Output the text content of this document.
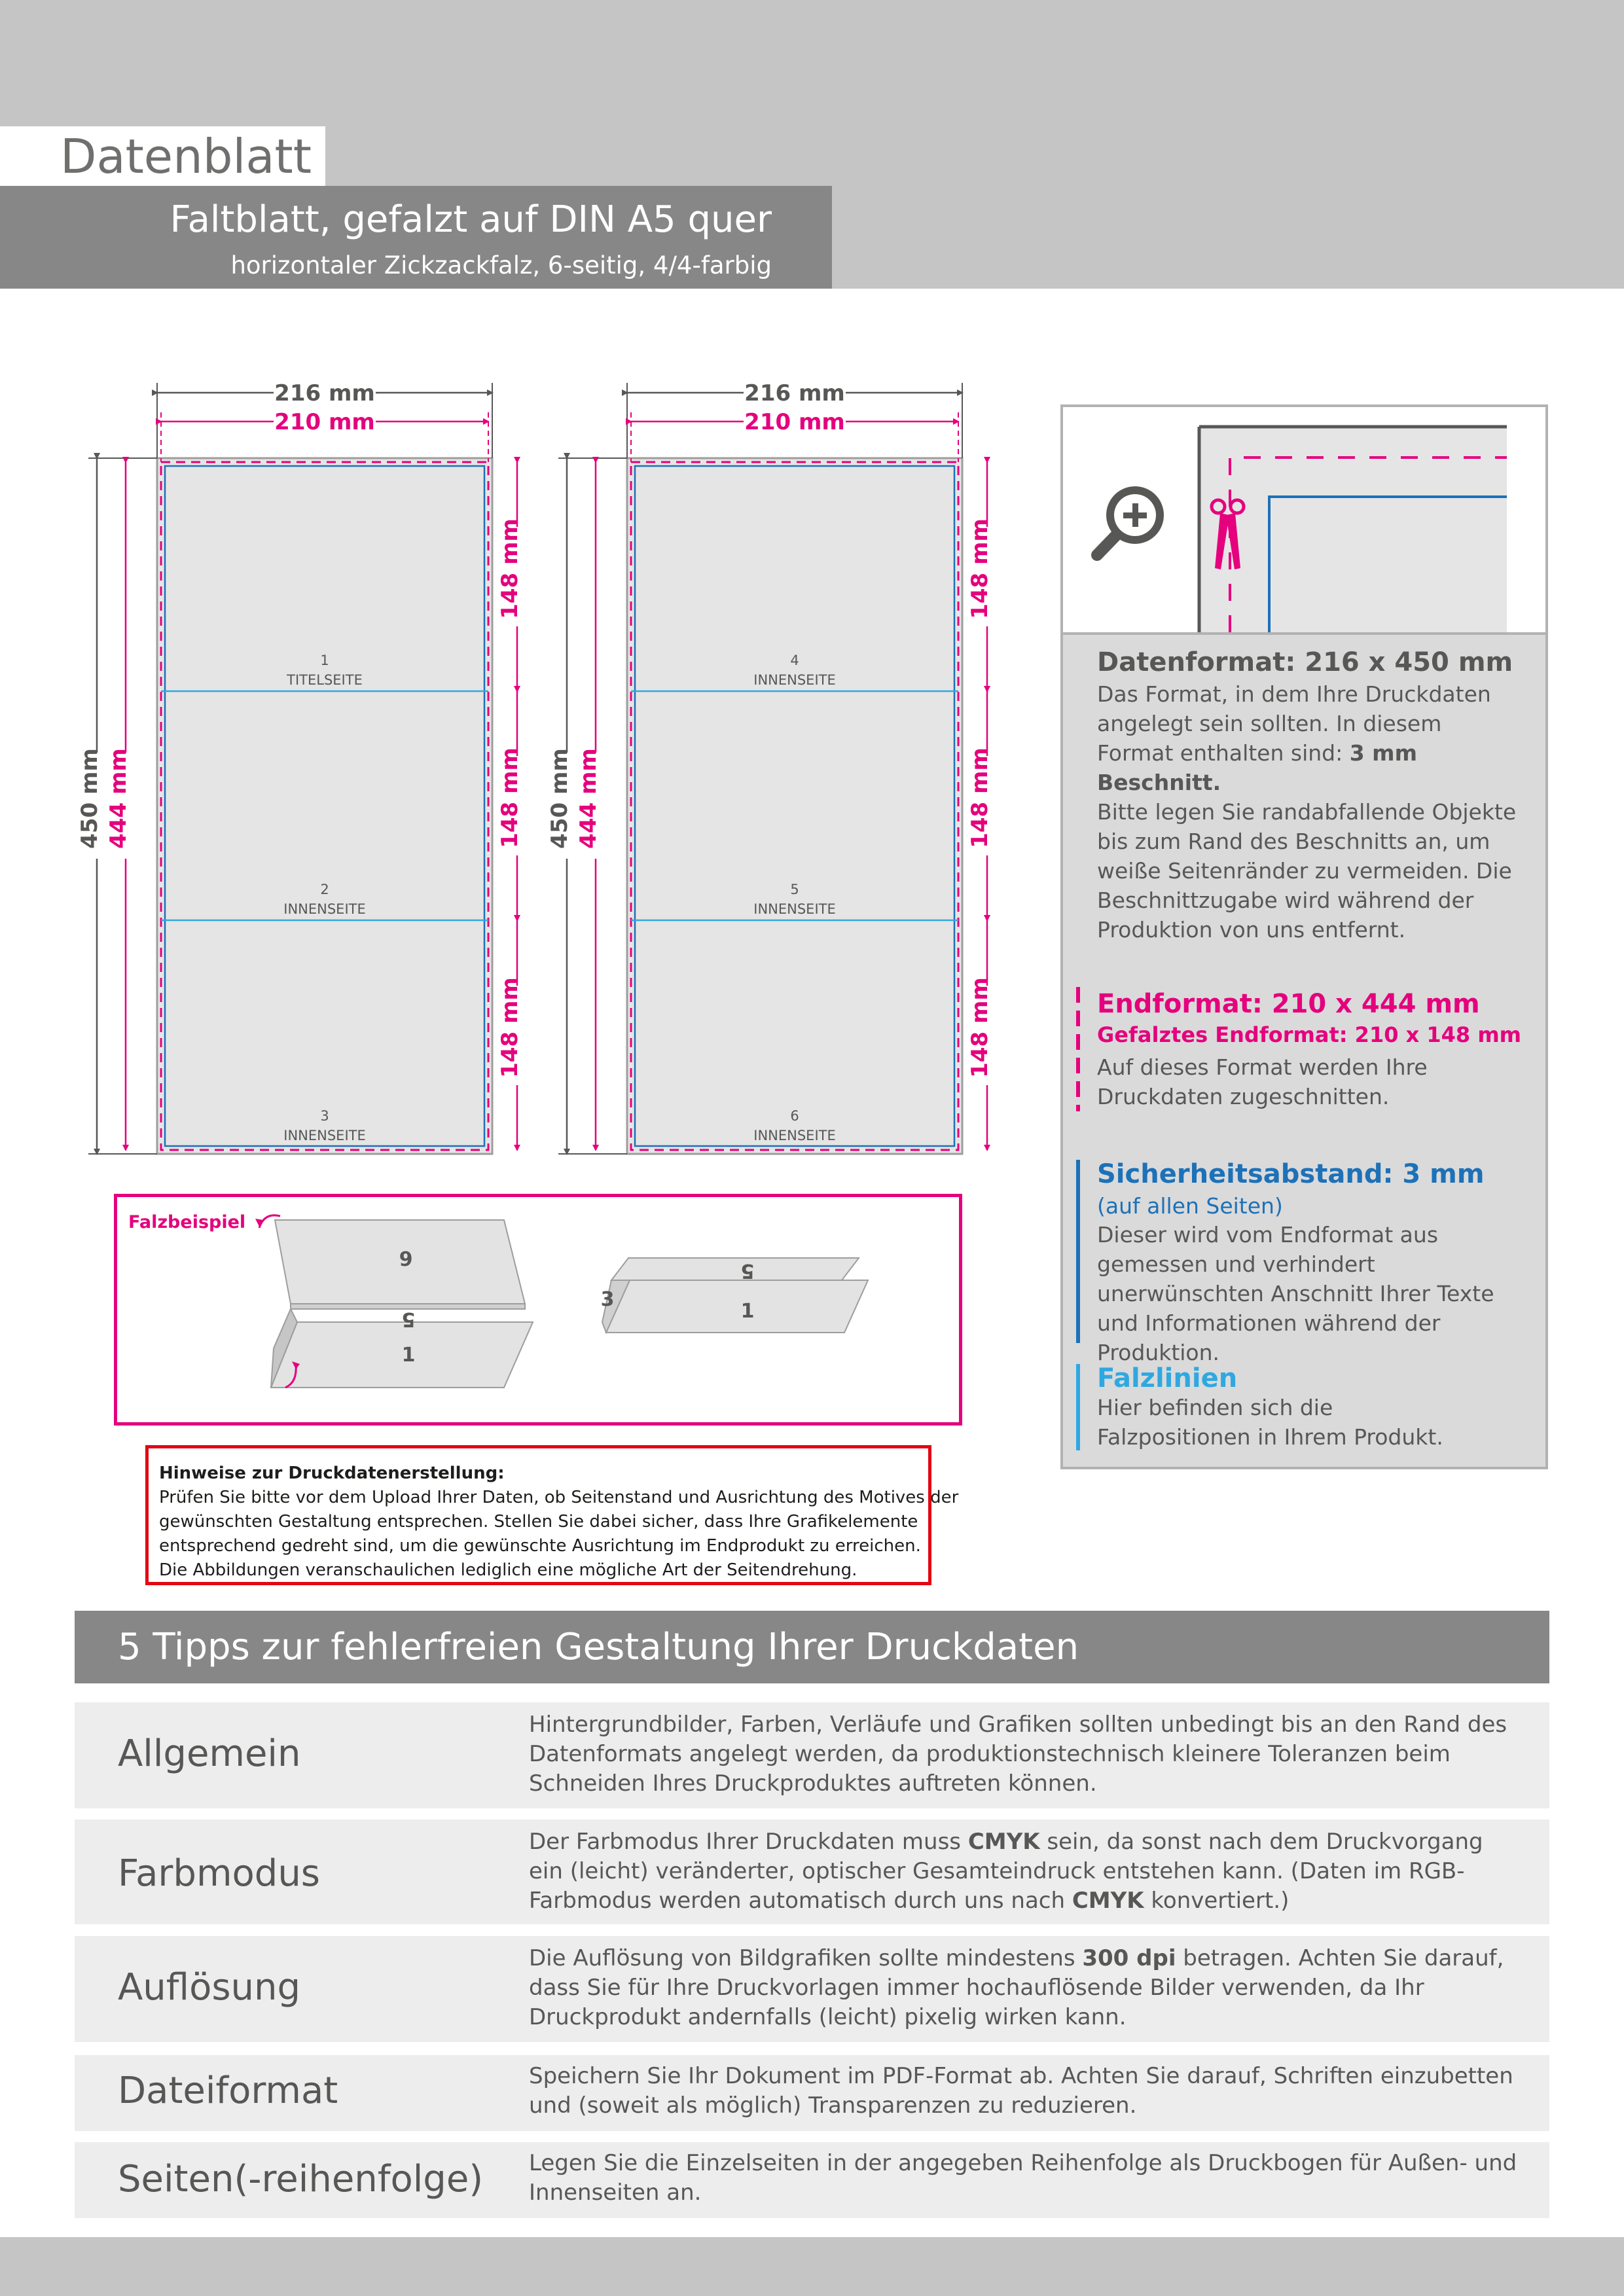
Datenblatt
Faltblatt, gefalzt auf DIN A5 quer
horizontaler Zickzackfalz, 6-seitig, 4/4-farbig
216 mm
210 mm
450 mm 444 mm
148 mm
148 mm
148 mm
1
TITELSEITE
2
INNENSEITE
3
INNENSEITE
216 mm
210 mm
450 mm 444 mm
148 mm
148 mm
148 mm
4
INNENSEITE
5
INNENSEITE
6
INNENSEITE
Falzbeispiel
6
5
1
5
1
3
Hinweise zur Druckdatenerstellung:
Prüfen Sie bitte vor dem Upload Ihrer Daten, ob Seitenstand und Ausrichtung des Motives der
gewünschten Gestaltung entsprechen. Stellen Sie dabei sicher, dass Ihre Grafikelemente
entsprechend gedreht sind, um die gewünschte Ausrichtung im Endprodukt zu erreichen.
Die Abbildungen veranschaulichen lediglich eine mögliche Art der Seitendrehung.
Datenformat: 216 x 450 mm
Das Format, in dem Ihre Druckdaten angelegt sein sollten. In diesem Format enthalten sind: 3 mm Beschnitt.
Bitte legen Sie randabfallende Objekte bis zum Rand des Beschnitts an, um weiße Seitenränder zu vermeiden. Die Beschnittzugabe wird während der Produktion von uns entfernt.
Endformat: 210 x 444 mm
Gefalztes Endformat: 210 x 148 mm
Auf dieses Format werden Ihre Druckdaten zugeschnitten.
Sicherheitsabstand: 3 mm
(auf allen Seiten)
Dieser wird vom Endformat aus gemessen und verhindert unerwünschten Anschnitt Ihrer Texte und Informationen während der Produktion.
Falzlinien
Hier befinden sich die Falzpositionen in Ihrem Produkt.
5 Tipps zur fehlerfreien Gestaltung Ihrer Druckdaten
Allgemein
Hintergrundbilder, Farben, Verläufe und Grafiken sollten unbedingt bis an den Rand des Datenformats angelegt werden, da produktionstechnisch kleinere Toleranzen beim Schneiden Ihres Druckproduktes auftreten können.
Farbmodus
Der Farbmodus Ihrer Druckdaten muss CMYK sein, da sonst nach dem Druckvorgang ein (leicht) veränderter, optischer Gesamteindruck entstehen kann. (Daten im RGB-Farbmodus werden automatisch durch uns nach CMYK konvertiert.)
Auflösung
Die Auflösung von Bildgrafiken sollte mindestens 300 dpi betragen. Achten Sie darauf, dass Sie für Ihre Druckvorlagen immer hochauflösende Bilder verwenden, da Ihr Druckprodukt andernfalls (leicht) pixelig wirken kann.
Dateiformat	Speichern Sie Ihr Dokument im PDF-Format ab. Achten Sie darauf, Schriften einzubetten und (soweit als möglich) Transparenzen zu reduzieren.
Seiten(-reihenfolge) Legen Sie die Einzelseiten in der angegeben Reihenfolge als Druckbogen für Außen- und Innenseiten an.
